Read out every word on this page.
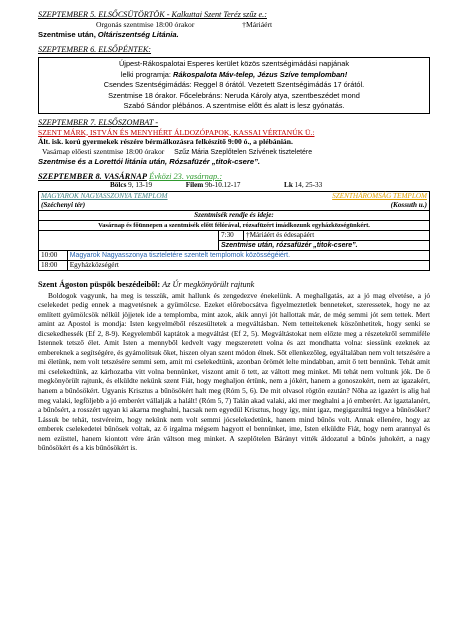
SZEPTEMBER 5. ELSŐCSÜTÖRTÖK - Kalkuttai Szent Teréz szűz e.:

Orgonás szentmise 18:00 órakor	†Máriáért

Szentmise után, Oltáriszentség Litánia.

SZEPTEMBER 6. ELSŐPÉNTEK:

Újpest-Rákospalotai Esperes kerület közös szentségimádási napjának

lelki programja: Rákospalota Máv-telep, Jézus Szíve templomban!

Csendes Szentségimádás: Reggel 8 órától. Vezetett Szentségimádás 17 órától.

Szentmise 18 órakor. Főcelebráns: Neruda Károly atya, szentbeszédet mond

Szabó Sándor plébános. A szentmise előtt és alatt is lesz gyónatás.

SZEPTEMBER 7. ELSŐSZOMBAT -

SZENT MÁRK, ISTVÁN ÉS MENYHÉRT ÁLDOZÓPAPOK, KASSAI VÉRTANÚK Ü.:

Ált. isk. korú gyermekek részére bérmálkozásra felkészítő 9:00 ó., a plébánián.

Vasárnap előesti szentmise 18:00 órakor Szűz Mária Szeplőtelen Szívének tiszteletére

Szentmise és a Lorettói litánia után, Rózsafüzér „titok-csere”.

SZEPTEMBER 8. VASÁRNAP Évközi 23. vasárnap.:

Bölcs 9, 13-19	Filem 9b-10.12-17	Lk 14, 25-33

MAGYAROK NAGYASSZONYA TEMPLOM SZENTHÁROMSÁG TEMPLOM		

(Széchenyi tér) (Kossuth u.)		

Szentmisék rendje és ideje:		
Vasárnap és főünnepen a szentmisék előtt félórával, rózsafüzért imádkozunk egyházközségünkért.		
	7:30	†Máriáért és édesapáért
	Szentmise után, rózsafüzér „titok-csere”.	
10:00 Magyarok Nagyasszonya tiszteletére szentelt templomok közösségéiért.		
18:00 Egyházközségért		

Szent Ágoston püspök beszédeiből: Az Úr megkönyörült rajtunk

Boldogok vagyunk, ha meg is tesszük, amit hallunk és zengedezve énekelünk. A meghallgatás, az a jó mag elvetése, a jó cselekedet pedig ennek a magvetésnek a gyümölcse. Ezeket előrebocsátva figyelmeztetlek benneteket, szeressetek, hogy ne az említett gyümölcsök nélkül jöjjetek ide a templomba, mint azok, akik annyi jót hallottak már, de még semmi jót sem tettek. Mert amint az Apostol is mondja: Isten kegyelméből részesültetek a megváltásban. Nem tetteitekenek köszönhetitek, hogy senki se dicsekedhessék (Ef 2, 8-9). Kegyelemből kaptátok a megváltást (Ef 2, 5). Megváltástokat nem előzte meg a részetekről semmiféle Istennek tetsző élet. Amit Isten a mennyből kedvelt vagy megszeretett volna és azt mondhatta volna: siessünk ezeknek az embereknek a segítségére, és gyámolítsuk őket, hiszen olyan szent módon élnek. Sőt ellenkezőleg, egyáltalában nem volt tetszésére a mi életünk, nem volt tetszésére semmi sem, amit mi cselekedtünk, azonban örömét lelte mindabban, amit ő tett bennünk. Tehát amit mi cselekedtünk, az kárhozatba vitt volna bennünket, viszont amit ő tett, az váltott meg minket. Mi tehát nem voltunk jók. De ő megkönyörült rajtunk, és elküldte nekünk szent Fiát, hogy meghaljon értünk, nem a jókért, hanem a gonoszokért, nem az igazakért, hanem a bűnösökért. Ugyanis Krisztus a bűnösökért halt meg (Róm 5, 6). De mit olvasol rögtön ezután? Nőha az igazért is alig hal meg valaki, legföljebb a jó emberért vállalják a halált! (Róm 5, 7) Talán akad valaki, aki mer meghalni a jó emberért. Az igaztalanért, a bűnösért, a rosszért ugyan ki akarna meghalni, hacsak nem egyedül Krisztus, hogy így, mint igaz, megigazulttá tegye a bűnösöket? Lássuk be tehát, testvéreim, hogy nekünk nem volt semmi jócselekedetünk, hanem mind bűnös volt. Annak ellenére, hogy az emberek cselekedetei bűnösek voltak, az ő irgalma mégsem hagyott el bennünket, ime, Isten elküldte Fiát, hogy nem arannyal és nem ezüsttel, hanem kiontott vére árán váltson meg minket. A szeplőtelen Bárányt vitték áldozatul a bűnös juhokért, a nagy bűnösökért és a kis bűnösökért is.
